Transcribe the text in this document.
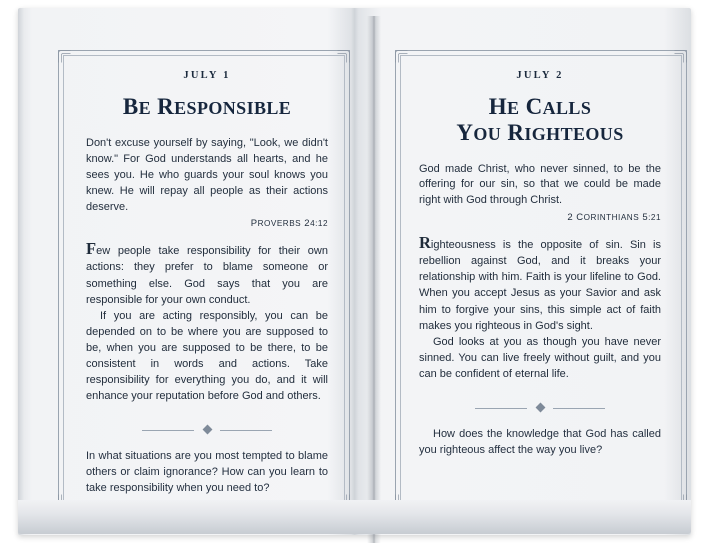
JULY 1
BE RESPONSIBLE
Don't excuse yourself by saying, "Look, we didn't know." For God understands all hearts, and he sees you. He who guards your soul knows you knew. He will repay all people as their actions deserve.
PROVERBS 24:12
Few people take responsibility for their own actions: they prefer to blame someone or something else. God says that you are responsible for your own conduct.
If you are acting responsibly, you can be depended on to be where you are supposed to be, when you are supposed to be there, to be consistent in words and actions. Take responsibility for everything you do, and it will enhance your reputation before God and others.
In what situations are you most tempted to blame others or claim ignorance? How can you learn to take responsibility when you need to?
JULY 2
HE CALLS
YOU RIGHTEOUS
God made Christ, who never sinned, to be the offering for our sin, so that we could be made right with God through Christ.
2 CORINTHIANS 5:21
Righteousness is the opposite of sin. Sin is rebellion against God, and it breaks your relationship with him. Faith is your lifeline to God. When you accept Jesus as your Savior and ask him to forgive your sins, this simple act of faith makes you righteous in God's sight.
God looks at you as though you have never sinned. You can live freely without guilt, and you can be confident of eternal life.
How does the knowledge that God has called you righteous affect the way you live?
